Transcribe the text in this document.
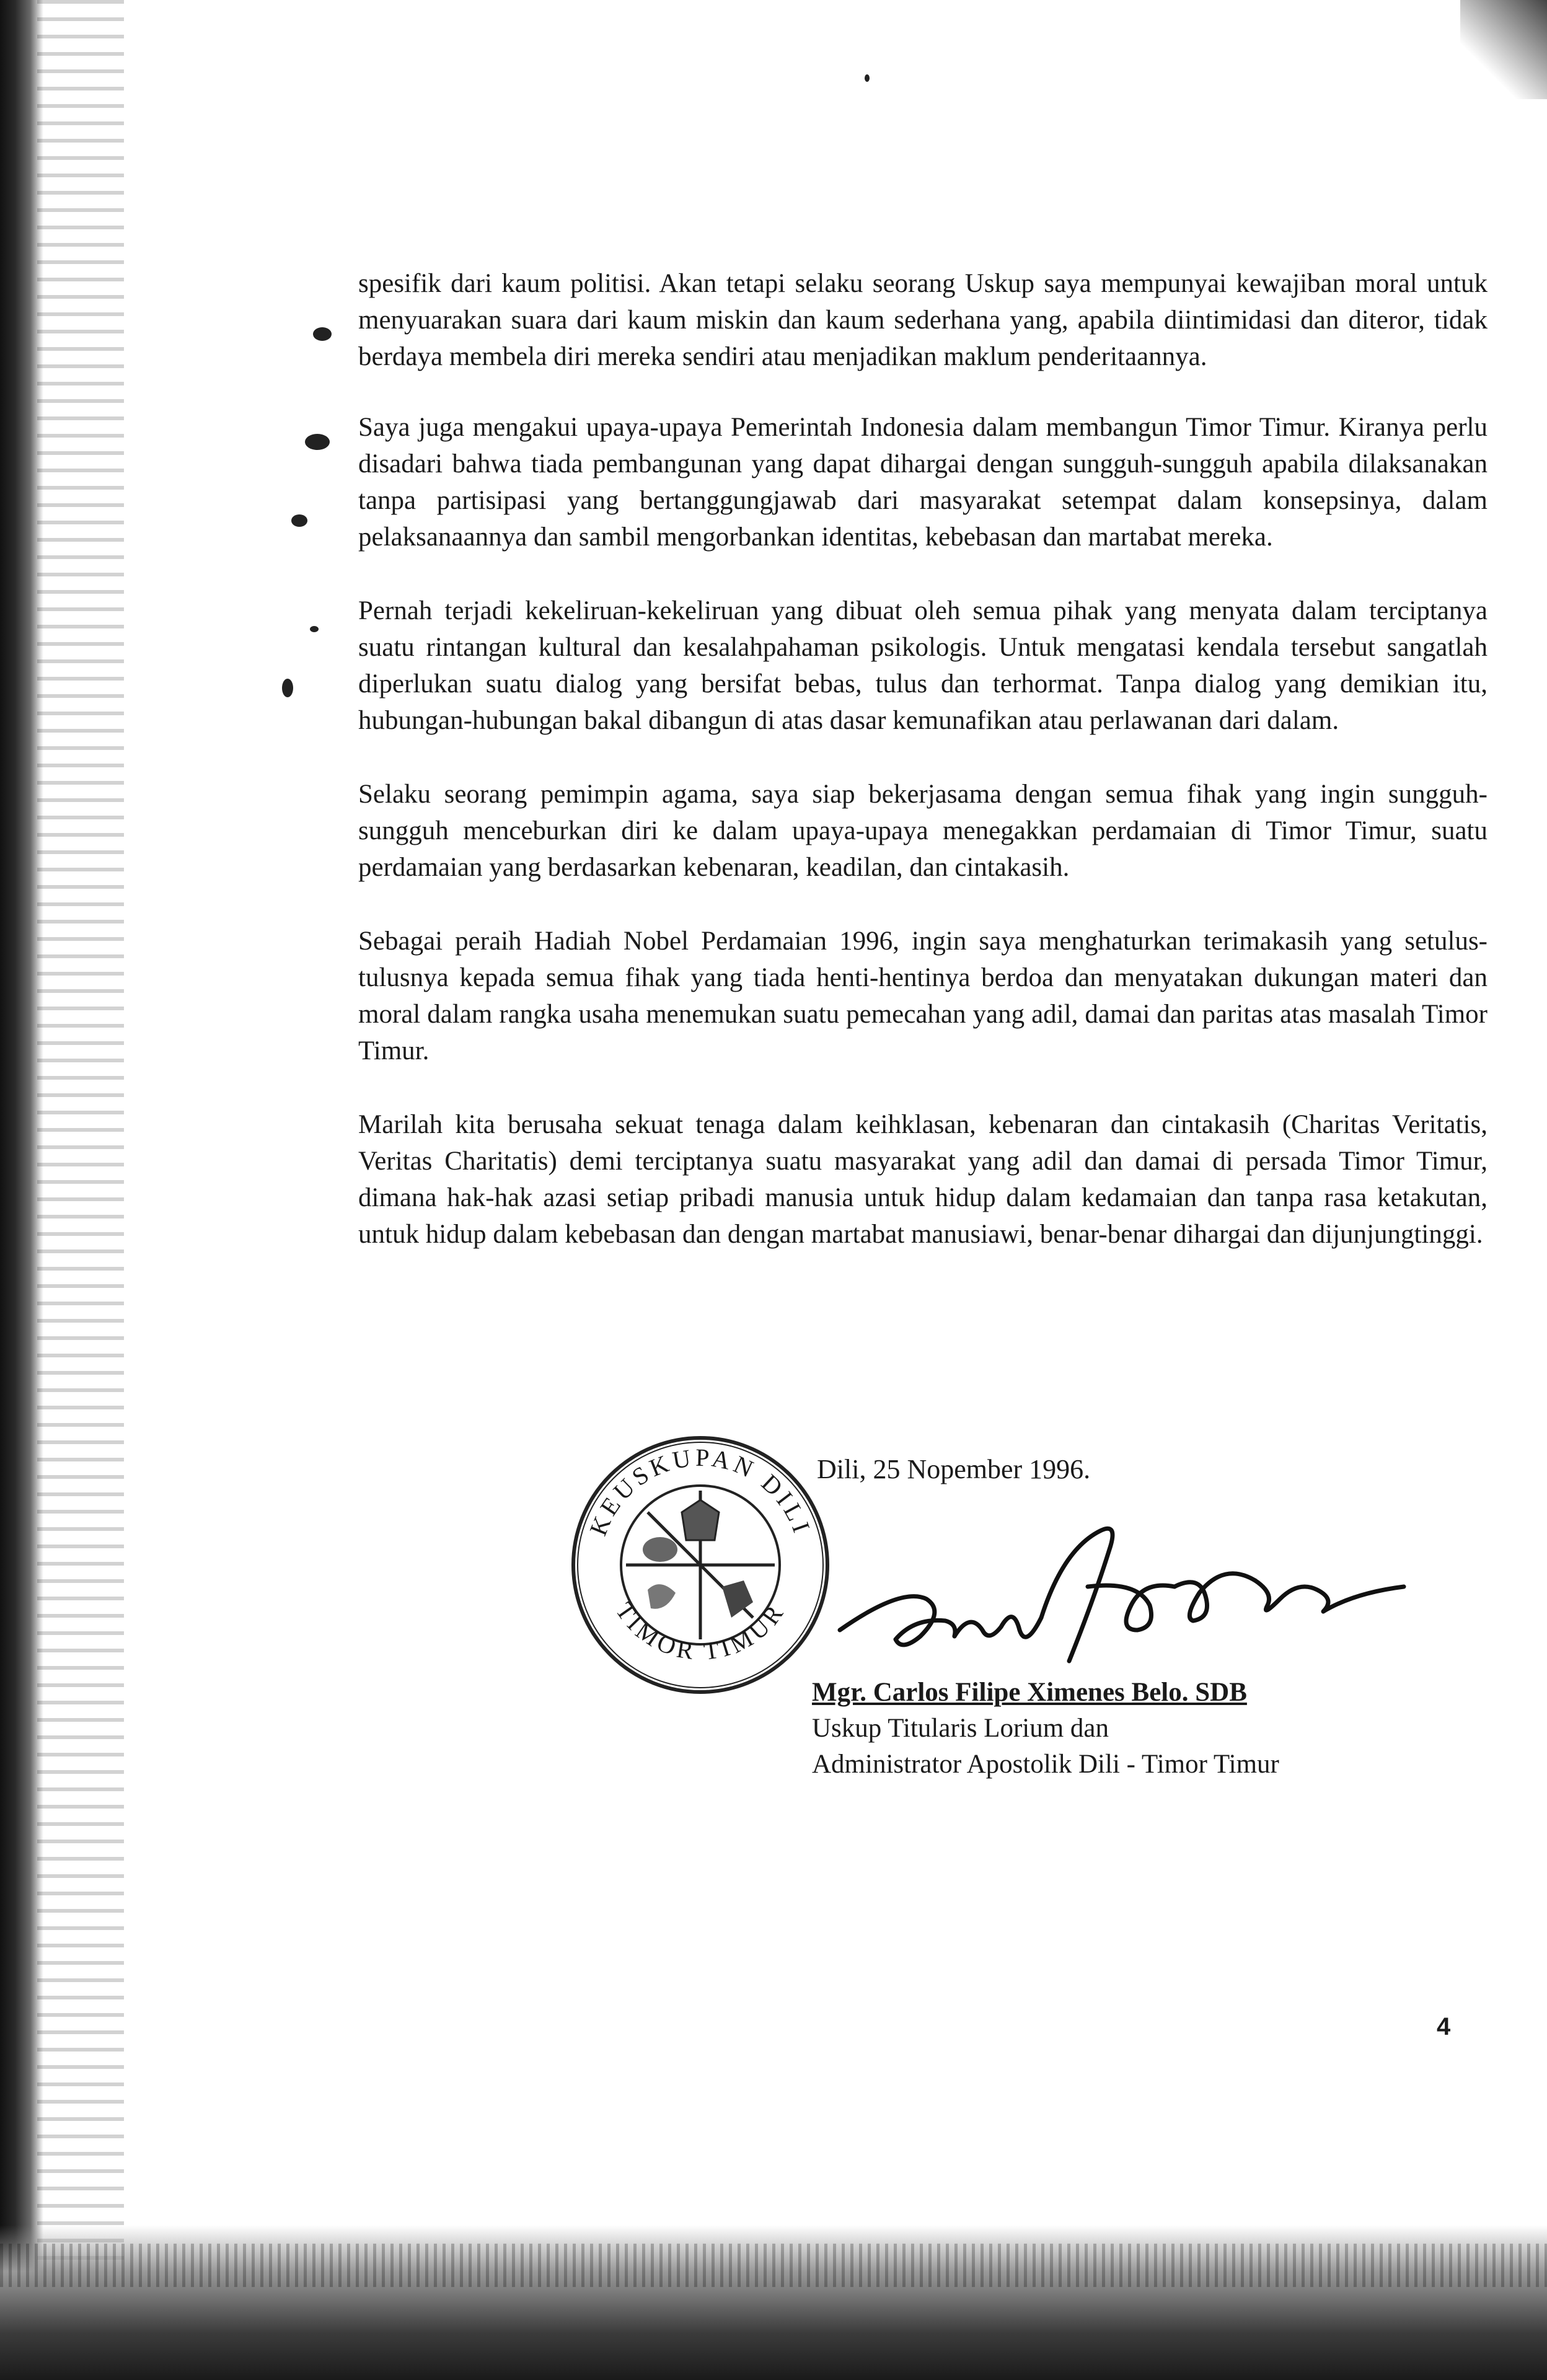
spesifik dari kaum politisi. Akan tetapi selaku seorang Uskup saya mempunyai kewajiban moral untuk menyuarakan suara dari kaum miskin dan kaum sederhana yang, apabila diintimidasi dan diteror, tidak berdaya membela diri mereka sendiri atau menjadikan maklum penderitaannya.

Saya juga mengakui upaya-upaya Pemerintah Indonesia dalam membangun Timor Timur. Kiranya perlu disadari bahwa tiada pembangunan yang dapat dihargai dengan sungguh-sungguh apabila dilaksanakan tanpa partisipasi yang bertanggungjawab dari masyarakat setempat dalam konsepsinya, dalam pelaksanaannya dan sambil mengorbankan identitas, kebebasan dan martabat mereka.

Pernah terjadi kekeliruan-kekeliruan yang dibuat oleh semua pihak yang menyata dalam terciptanya suatu rintangan kultural dan kesalahpahaman psikologis. Untuk mengatasi kendala tersebut sangatlah diperlukan suatu dialog yang bersifat bebas, tulus dan terhormat. Tanpa dialog yang demikian itu, hubungan-hubungan bakal dibangun di atas dasar kemunafikan atau perlawanan dari dalam.

Selaku seorang pemimpin agama, saya siap bekerjasama dengan semua fihak yang ingin sungguh-sungguh menceburkan diri ke dalam upaya-upaya menegakkan perdamaian di Timor Timur, suatu perdamaian yang berdasarkan kebenaran, keadilan, dan cintakasih.

Sebagai peraih Hadiah Nobel Perdamaian 1996, ingin saya menghaturkan terimakasih yang setulus-tulusnya kepada semua fihak yang tiada henti-hentinya berdoa dan menyatakan dukungan materi dan moral dalam rangka usaha menemukan suatu pemecahan yang adil, damai dan paritas atas masalah Timor Timur.

Marilah kita berusaha sekuat tenaga dalam keihklasan, kebenaran dan cintakasih (Charitas Veritatis, Veritas Charitatis) demi terciptanya suatu masyarakat yang adil dan damai di persada Timor Timur, dimana hak-hak azasi setiap pribadi manusia untuk hidup dalam kedamaian dan tanpa rasa ketakutan, untuk hidup dalam kebebasan dan dengan martabat manusiawi, benar-benar dihargai dan dijunjungtinggi.

KEUSKUPAN DILI
TIMOR TIMUR
Dili, 25 Nopember 1996.
Mgr. Carlos Filipe Ximenes Belo. SDB
Uskup Titularis Lorium dan
Administrator Apostolik Dili - Timor Timur
4
